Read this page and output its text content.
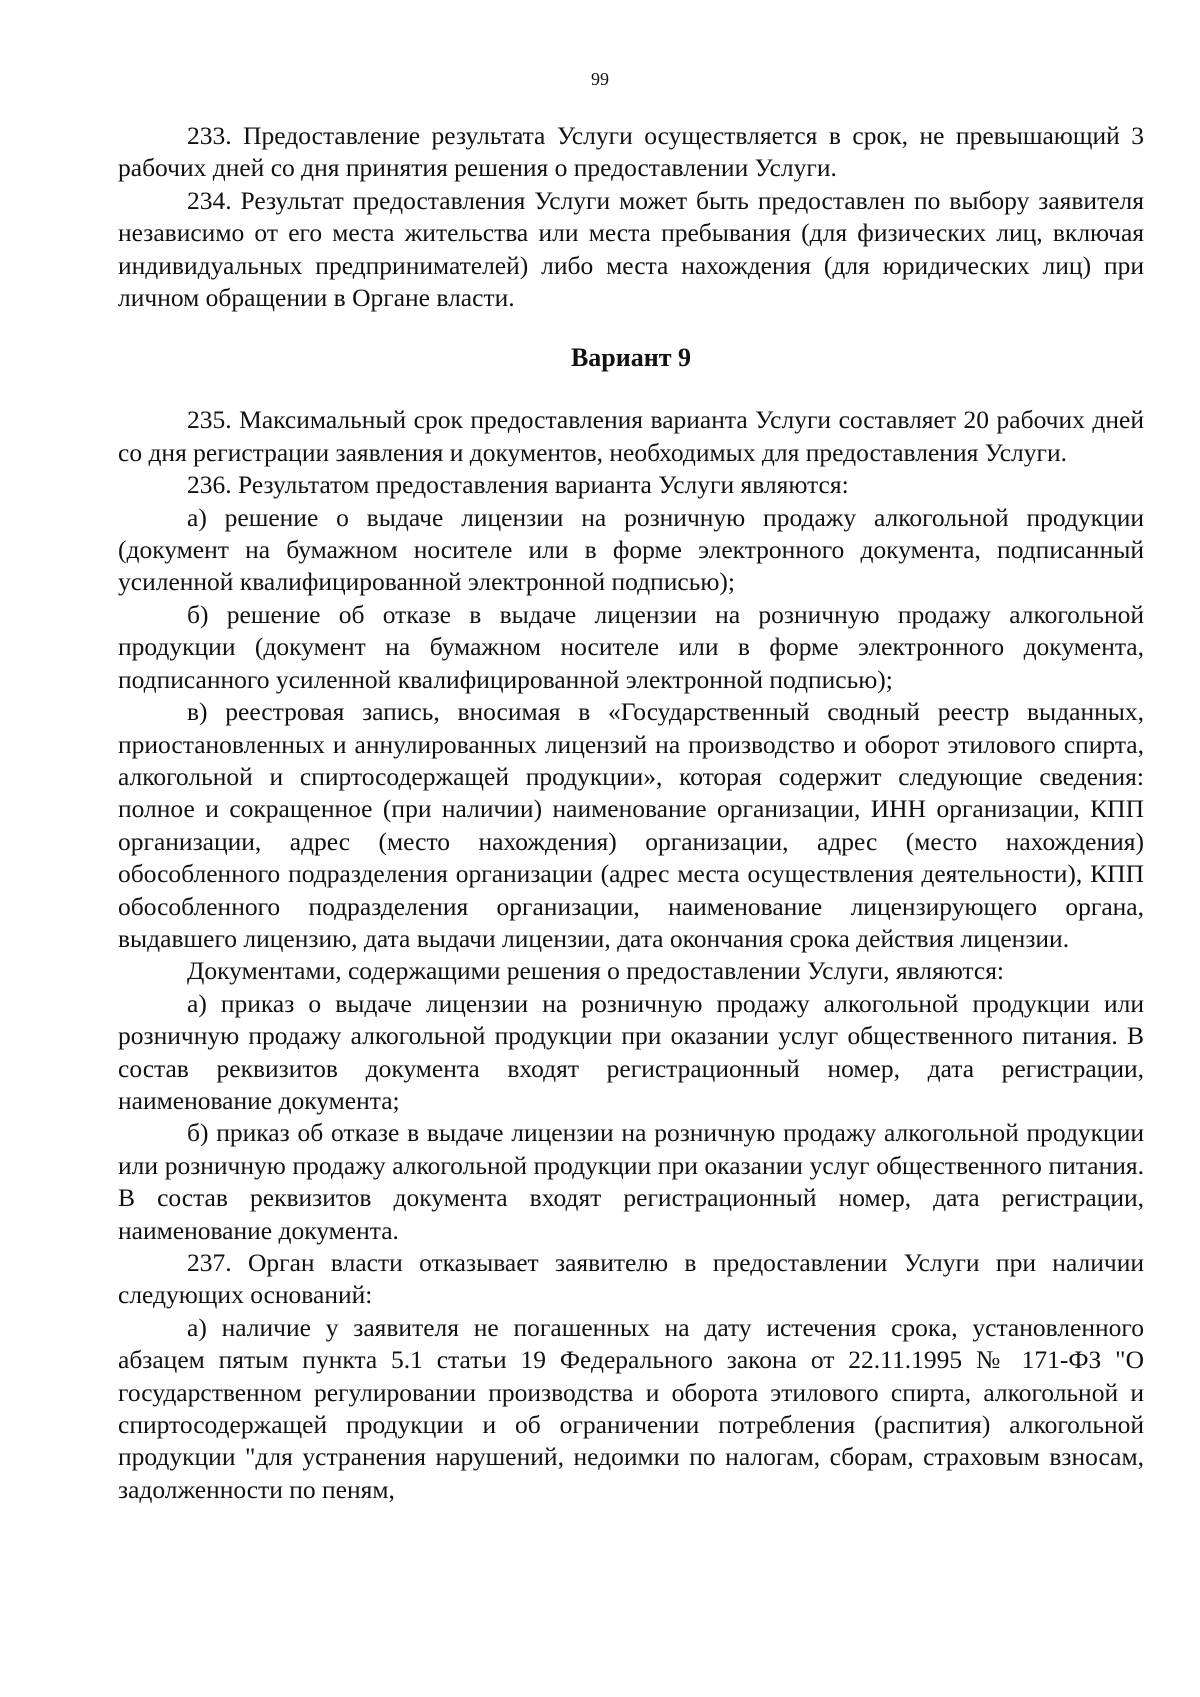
99

233. Предоставление результата Услуги осуществляется в срок, не превышающий 3 рабочих дней со дня принятия решения о предоставлении Услуги.

234. Результат предоставления Услуги может быть предоставлен по выбору заявителя независимо от его места жительства или места пребывания (для физических лиц, включая индивидуальных предпринимателей) либо места нахождения (для юридических лиц) при личном обращении в Органе власти.

Вариант 9

235. Максимальный срок предоставления варианта Услуги составляет 20 рабочих дней со дня регистрации заявления и документов, необходимых для предоставления Услуги.

236. Результатом предоставления варианта Услуги являются:

а) решение о выдаче лицензии на розничную продажу алкогольной продукции (документ на бумажном носителе или в форме электронного документа, подписанный усиленной квалифицированной электронной подписью);

б) решение об отказе в выдаче лицензии на розничную продажу алкогольной продукции (документ на бумажном носителе или в форме электронного документа, подписанного усиленной квалифицированной электронной подписью);

в) реестровая запись, вносимая в «Государственный сводный реестр выданных, приостановленных и аннулированных лицензий на производство и оборот этилового спирта, алкогольной и спиртосодержащей продукции», которая содержит следующие сведения: полное и сокращенное (при наличии) наименование организации, ИНН организации, КПП организации, адрес (место нахождения) организации, адрес (место нахождения) обособленного подразделения организации (адрес места осуществления деятельности), КПП обособленного подразделения организации, наименование лицензирующего органа, выдавшего лицензию, дата выдачи лицензии, дата окончания срока действия лицензии.

Документами, содержащими решения о предоставлении Услуги, являются:

а) приказ о выдаче лицензии на розничную продажу алкогольной продукции или розничную продажу алкогольной продукции при оказании услуг общественного питания. В состав реквизитов документа входят регистрационный номер, дата регистрации, наименование документа;

б) приказ об отказе в выдаче лицензии на розничную продажу алкогольной продукции или розничную продажу алкогольной продукции при оказании услуг общественного питания. В состав реквизитов документа входят регистрационный номер, дата регистрации, наименование документа.

237. Орган власти отказывает заявителю в предоставлении Услуги при наличии следующих оснований:

а) наличие у заявителя не погашенных на дату истечения срока, установленного абзацем пятым пункта 5.1 статьи 19 Федерального закона от 22.11.1995 № 171-ФЗ "О государственном регулировании производства и оборота этилового спирта, алкогольной и спиртосодержащей продукции и об ограничении потребления (распития) алкогольной продукции "для устранения нарушений, недоимки по налогам, сборам, страховым взносам, задолженности по пеням,
